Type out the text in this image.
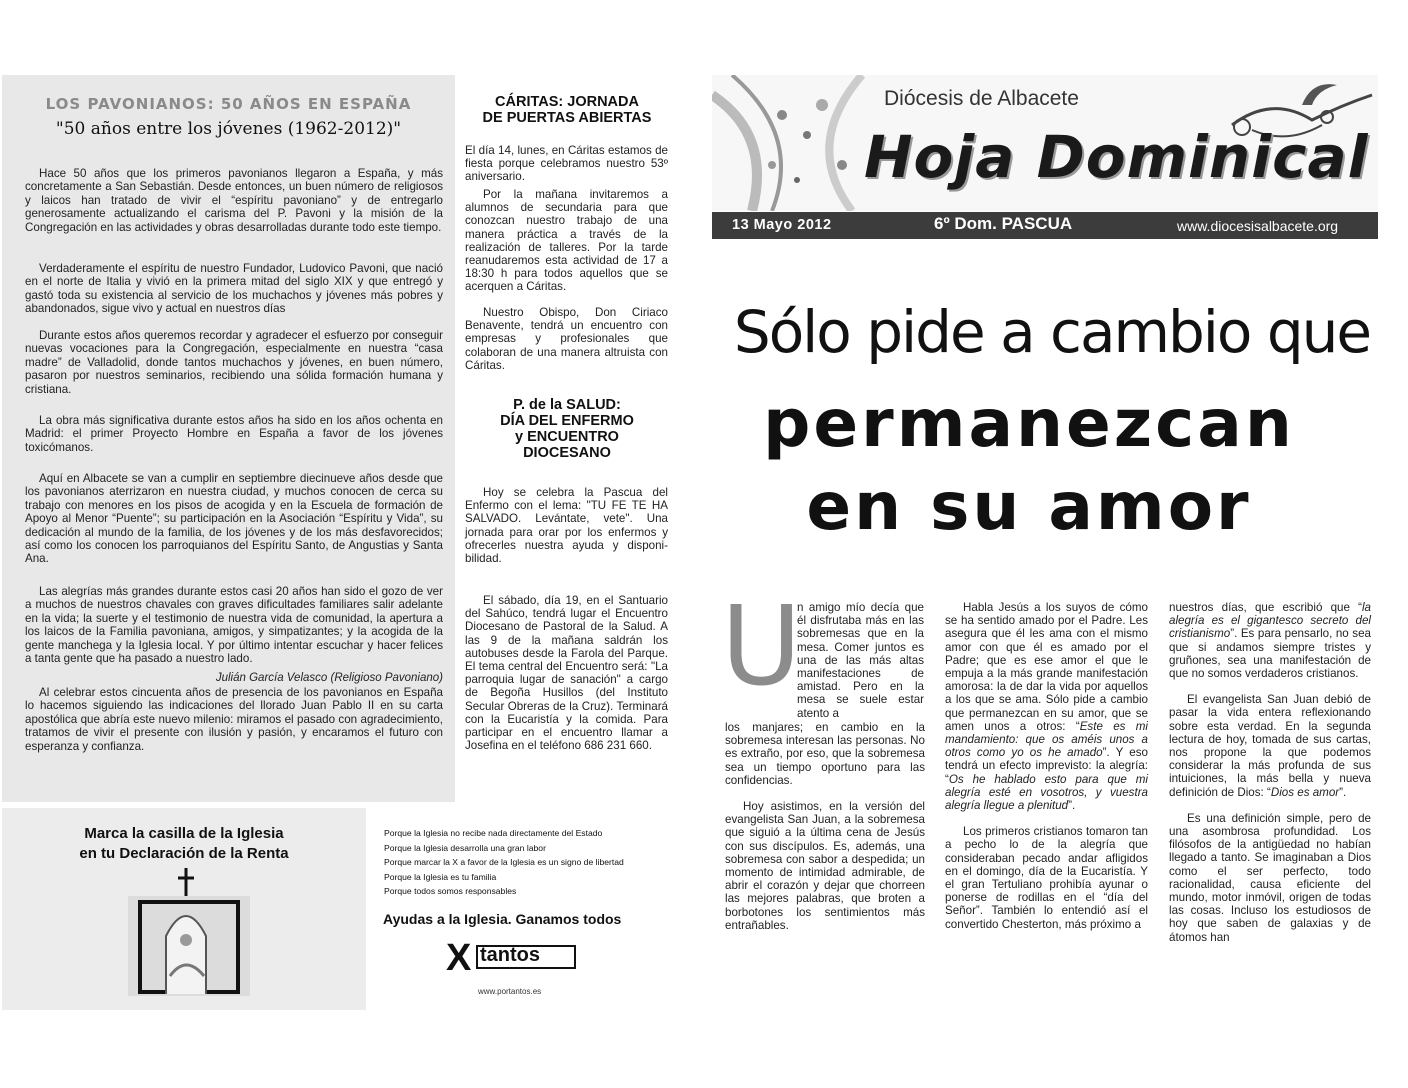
LOS PAVONIANOS: 50 AÑOS EN ESPAÑA
"50 años entre los jóvenes (1962-2012)"

Hace 50 años que los primeros pavonianos llegaron a España, y más concretamente a San Sebastián. Desde entonces, un buen número de religiosos y laicos han tratado de vivir el “espíritu pavoniano” y de entregarlo generosamente actualizando el carisma del P. Pavoni y la misión de la Congregación en las actividades y obras desarrolladas durante todo este tiempo.

Verdaderamente el espíritu de nuestro Fundador, Ludovico Pavoni, que nació en el norte de Italia y vivió en la primera mitad del siglo XIX y que entregó y gastó toda su existencia al servicio de los muchachos y jóvenes más pobres y abandonados, sigue vivo y actual en nuestros días

Durante estos años queremos recordar y agradecer el esfuerzo por conseguir nuevas vocaciones para la Congregación, especialmente en nuestra “casa madre” de Valladolid, donde tantos muchachos y jóvenes, en buen número, pasaron por nuestros seminarios, recibiendo una sólida formación humana y cristiana.

La obra más significativa durante estos años ha sido en los años ochenta en Madrid: el primer Proyecto Hombre en España a favor de los jóvenes toxicómanos.

Aquí en Albacete se van a cumplir en septiembre diecinueve años desde que los pavonianos aterrizaron en nuestra ciudad, y muchos conocen de cerca su trabajo con menores en los pisos de acogida y en la Escuela de formación de Apoyo al Menor “Puente”; su participación en la Asociación “Espíritu y Vida”, su dedicación al mundo de la familia, de los jóvenes y de los más desfavorecidos; así como los conocen los parroquianos del Espíritu Santo, de Angustias y Santa Ana.

Las alegrías más grandes durante estos casi 20 años han sido el gozo de ver a muchos de nuestros chavales con graves dificultades familiares salir adelante en la vida; la suerte y el testimonio de nuestra vida de comunidad, la apertura a los laicos de la Familia pavoniana, amigos, y simpatizantes; y la acogida de la gente manchega y la Iglesia local. Y por último intentar escuchar y hacer felices a tanta gente que ha pasado a nuestro lado.

Al celebrar estos cincuenta años de presencia de los pavonianos en España lo hacemos siguiendo las indicaciones del llorado Juan Pablo II en su carta apostólica que abría este nuevo milenio: miramos el pasado con agradecimiento, tratamos de vivir el presente con ilusión y pasión, y encaramos el futuro con esperanza y confianza.

Julián García Velasco (Religioso Pavoniano)
CÁRITAS: JORNADA
DE PUERTAS ABIERTAS

El día 14, lunes, en Cáritas estamos de fiesta porque celebramos nuestro 53º aniversario.

Por la mañana invitaremos a alumnos de secundaria para que conozcan nuestro trabajo de una manera práctica a través de la realización de talleres. Por la tarde reanudaremos esta actividad de 17 a 18:30 h para todos aquellos que se acerquen a Cáritas.

Nuestro Obispo, Don Ciriaco Benavente, tendrá un encuentro con empresas y profesionales que colaboran de una manera altruista con Cáritas.

P. de la SALUD:
DÍA DEL ENFERMO
y ENCUENTRO
DIOCESANO

Hoy se celebra la Pascua del Enfermo con el lema: "TU FE TE HA SALVADO. Levántate, vete". Una jornada para orar por los enfermos y ofrecerles nuestra ayuda y disponi-bilidad.

El sábado, día 19, en el Santuario del Sahúco, tendrá lugar el Encuentro Diocesano de Pastoral de la Salud. A las 9 de la mañana saldrán los autobuses desde la Farola del Parque. El tema central del Encuentro será: "La parroquia lugar de sanación" a cargo de Begoña Husillos (del Instituto Secular Obreras de la Cruz). Terminará con la Eucaristía y la comida. Para participar en el encuentro llamar a Josefina en el teléfono 686 231 660.

Marca la casilla de la Iglesia
en tu Declaración de la Renta
Porque la Iglesia no recibe nada directamente del Estado
Porque la Iglesia desarrolla una gran labor
Porque marcar la X a favor de la Iglesia es un signo de libertad
Porque la Iglesia es tu familia
Porque todos somos responsables
Ayudas a la Iglesia. Ganamos todos
X tantos
www.portantos.es
Diócesis de Albacete
Hoja Dominical
13 Mayo 2012	6º Dom. PASCUA	www.diocesisalbacete.org
Sólo pide a cambio que
permanezcan
en su amor
U

n amigo mío decía que él disfrutaba más en las sobremesas que en la mesa. Comer juntos es una de las más altas manifestaciones de amistad. Pero en la mesa se suele estar atento a

los manjares; en cambio en la sobremesa interesan las personas. No es extraño, por eso, que la sobremesa sea un tiempo oportuno para las confidencias.

Hoy asistimos, en la versión del evangelista San Juan, a la sobremesa que siguió a la última cena de Jesús con sus discípulos. Es, además, una sobremesa con sabor a despedida; un momento de intimidad admirable, de abrir el corazón y dejar que chorreen las mejores palabras, que broten a borbotones los sentimientos más entrañables.

Habla Jesús a los suyos de cómo se ha sentido amado por el Padre. Les asegura que él les ama con el mismo amor con que él es amado por el Padre; que es ese amor el que le empuja a la más grande manifestación amorosa: la de dar la vida por aquellos a los que se ama. Sólo pide a cambio que permanezcan en su amor, que se amen unos a otros: “Este es mi mandamiento: que os améis unos a otros como yo os he amado”. Y eso tendrá un efecto imprevisto: la alegría: “Os he hablado esto para que mi alegría esté en vosotros, y vuestra alegría llegue a plenitud”.

Los primeros cristianos tomaron tan a pecho lo de la alegría que consideraban pecado andar afligidos en el domingo, día de la Eucaristía. Y el gran Tertuliano prohibía ayunar o ponerse de rodillas en el “día del Señor”. También lo entendió así el convertido Chesterton, más próximo a

nuestros días, que escribió que “la alegría es el gigantesco secreto del cristianismo”. Es para pensarlo, no sea que si andamos siempre tristes y gruñones, sea una manifestación de que no somos verdaderos cristianos.

El evangelista San Juan debió de pasar la vida entera reflexionando sobre esta verdad. En la segunda lectura de hoy, tomada de sus cartas, nos propone la que podemos considerar la más profunda de sus intuiciones, la más bella y nueva definición de Dios: “Dios es amor”.

Es una definición simple, pero de una asombrosa profundidad. Los filósofos de la antigüedad no habían llegado a tanto. Se imaginaban a Dios como el ser perfecto, todo racionalidad, causa eficiente del mundo, motor inmóvil, origen de todas las cosas. Incluso los estudiosos de hoy que saben de galaxias y de átomos han
